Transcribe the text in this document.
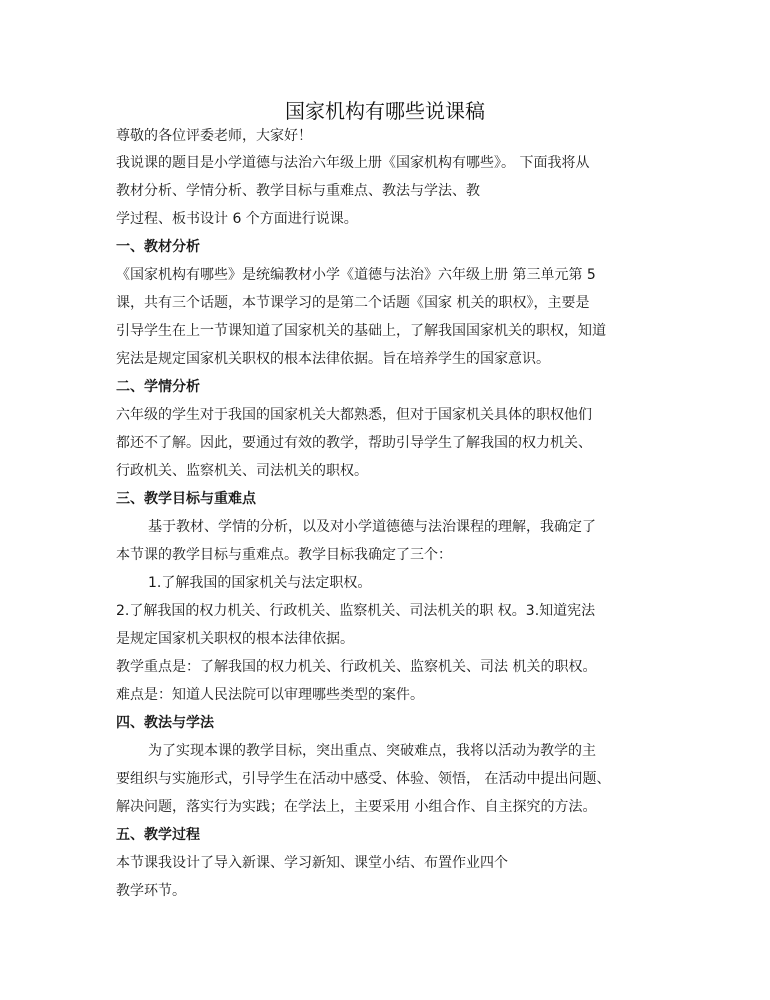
国家机构有哪些说课稿

尊敬的各位评委老师，大家好！

我说课的题目是小学道德与法治六年级上册《国家机构有哪些》。 下面我将从

教材分析、学情分析、教学目标与重难点、教法与学法、教

学过程、板书设计 6 个方面进行说课。

一、教材分析

《国家机构有哪些》是统编教材小学《道德与法治》六年级上册 第三单元第 5

课，共有三个话题，本节课学习的是第二个话题《国家 机关的职权》，主要是

引导学生在上一节课知道了国家机关的基础上，了解我国国家机关的职权，知道

宪法是规定国家机关职权的根本法律依据。旨在培养学生的国家意识。

二、学情分析

六年级的学生对于我国的国家机关大都熟悉，但对于国家机关具体的职权他们

都还不了解。因此，要通过有效的教学，帮助引导学生了解我国的权力机关、

行政机关、监察机关、司法机关的职权。

三、教学目标与重难点

基于教材、学情的分析，以及对小学道德德与法治课程的理解，我确定了

本节课的教学目标与重难点。教学目标我确定了三个：

1.了解我国的国家机关与法定职权。

2.了解我国的权力机关、行政机关、监察机关、司法机关的职 权。3.知道宪法

是规定国家机关职权的根本法律依据。

教学重点是：了解我国的权力机关、行政机关、监察机关、司法 机关的职权。

难点是：知道人民法院可以审理哪些类型的案件。

四、教法与学法

为了实现本课的教学目标，突出重点、突破难点，我将以活动为教学的主

要组织与实施形式，引导学生在活动中感受、体验、领悟， 在活动中提出问题、

解决问题，落实行为实践；在学法上，主要采用 小组合作、自主探究的方法。

五、教学过程

本节课我设计了导入新课、学习新知、课堂小结、布置作业四个

教学环节。
